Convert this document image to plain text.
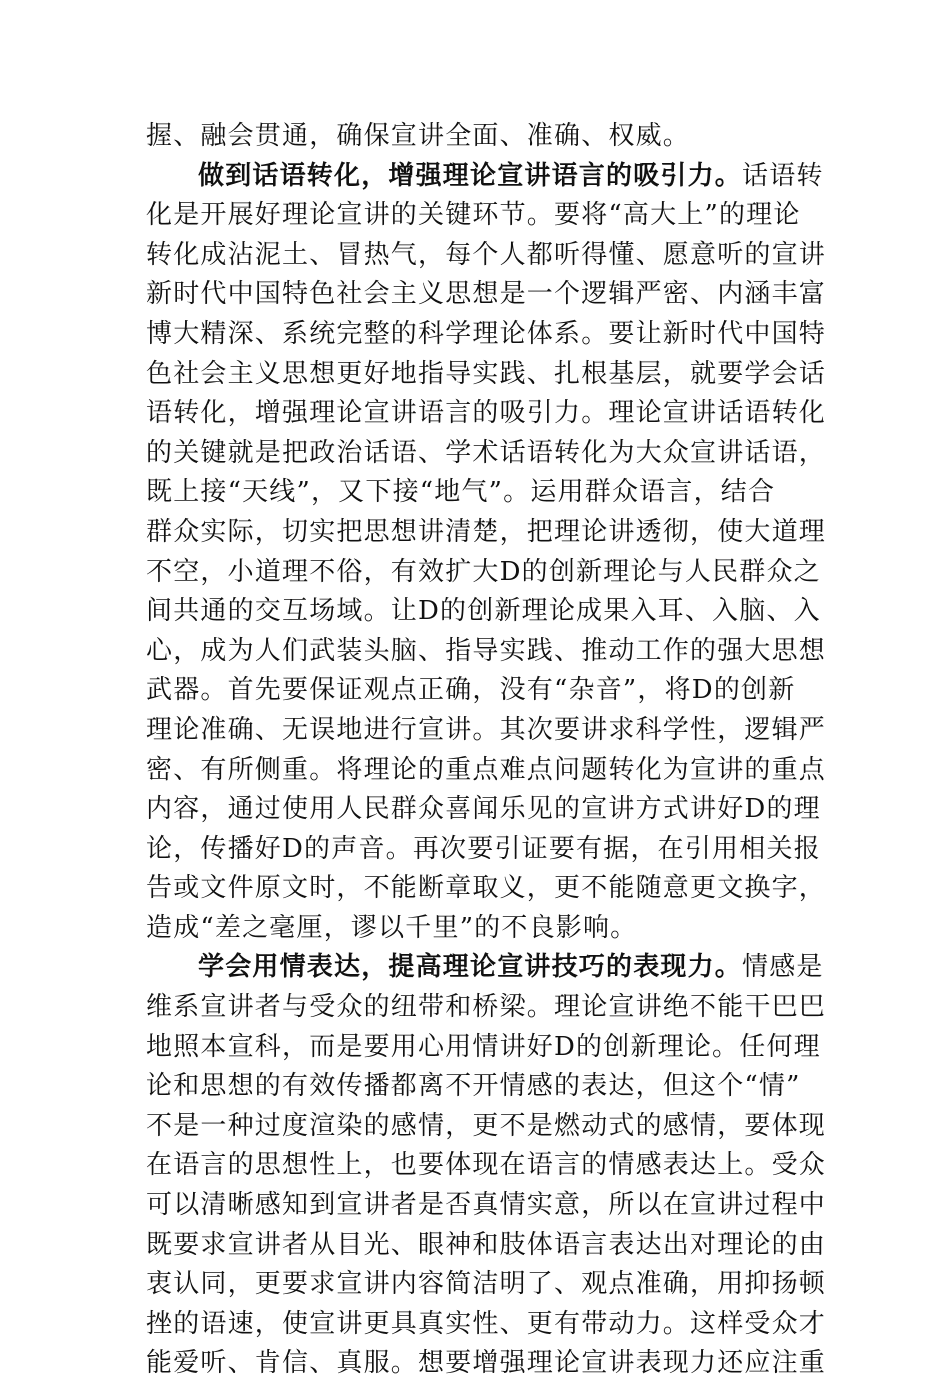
握、融会贯通，确保宣讲全面、准确、权威。
做到话语转化，增强理论宣讲语言的吸引力。话语转
化是开展好理论宣讲的关键环节。要将“高大上”的理论
转化成沾泥土、冒热气，每个人都听得懂、愿意听的宣讲
新时代中国特色社会主义思想是一个逻辑严密、内涵丰富
博大精深、系统完整的科学理论体系。要让新时代中国特
色社会主义思想更好地指导实践、扎根基层，就要学会话
语转化，增强理论宣讲语言的吸引力。理论宣讲话语转化
的关键就是把政治话语、学术话语转化为大众宣讲话语，
既上接“天线”，又下接“地气”。运用群众语言，结合
群众实际，切实把思想讲清楚，把理论讲透彻，使大道理
不空，小道理不俗，有效扩大D的创新理论与人民群众之
间共通的交互场域。让D的创新理论成果入耳、入脑、入
心，成为人们武装头脑、指导实践、推动工作的强大思想
武器。首先要保证观点正确，没有“杂音”，将D的创新
理论准确、无误地进行宣讲。其次要讲求科学性，逻辑严
密、有所侧重。将理论的重点难点问题转化为宣讲的重点
内容，通过使用人民群众喜闻乐见的宣讲方式讲好D的理
论，传播好D的声音。再次要引证要有据，在引用相关报
告或文件原文时，不能断章取义，更不能随意更文换字，
造成“差之毫厘，谬以千里”的不良影响。
学会用情表达，提高理论宣讲技巧的表现力。情感是
维系宣讲者与受众的纽带和桥梁。理论宣讲绝不能干巴巴
地照本宣科，而是要用心用情讲好D的创新理论。任何理
论和思想的有效传播都离不开情感的表达，但这个“情”
不是一种过度渲染的感情，更不是燃动式的感情，要体现
在语言的思想性上，也要体现在语言的情感表达上。受众
可以清晰感知到宣讲者是否真情实意，所以在宣讲过程中
既要求宣讲者从目光、眼神和肢体语言表达出对理论的由
衷认同，更要求宣讲内容简洁明了、观点准确，用抑扬顿
挫的语速，使宣讲更具真实性、更有带动力。这样受众才
能爱听、肯信、真服。想要增强理论宣讲表现力还应注重
